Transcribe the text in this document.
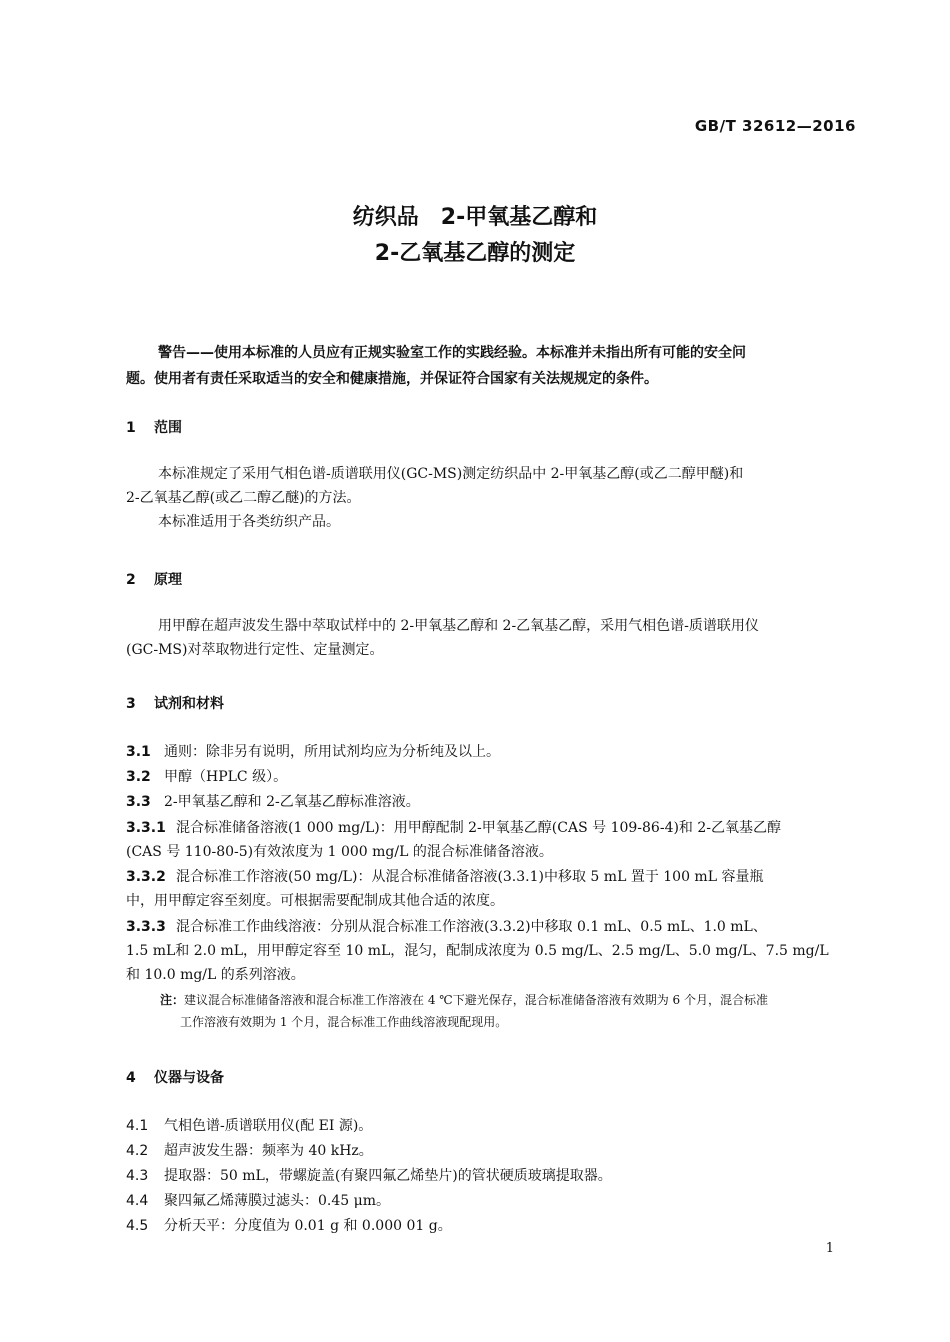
GB/T 32612—2016
纺织品　2-甲氧基乙醇和
2-乙氧基乙醇的测定
警告——使用本标准的人员应有正规实验室工作的实践经验。本标准并未指出所有可能的安全问
题。使用者有责任采取适当的安全和健康措施，并保证符合国家有关法规规定的条件。
1 范围
本标准规定了采用气相色谱-质谱联用仪(GC-MS)测定纺织品中 2-甲氧基乙醇(或乙二醇甲醚)和
2-乙氧基乙醇(或乙二醇乙醚)的方法。
本标准适用于各类纺织产品。
2 原理
用甲醇在超声波发生器中萃取试样中的 2-甲氧基乙醇和 2-乙氧基乙醇，采用气相色谱-质谱联用仪
(GC-MS)对萃取物进行定性、定量测定。
3 试剂和材料
3.1 通则：除非另有说明，所用试剂均应为分析纯及以上。
3.2 甲醇（HPLC 级）。
3.3 2-甲氧基乙醇和 2-乙氧基乙醇标准溶液。
3.3.1 混合标准储备溶液(1 000 mg/L)：用甲醇配制 2-甲氧基乙醇(CAS 号 109-86-4)和 2-乙氧基乙醇
(CAS 号 110-80-5)有效浓度为 1 000 mg/L 的混合标准储备溶液。
3.3.2 混合标准工作溶液(50 mg/L)：从混合标准储备溶液(3.3.1)中移取 5 mL 置于 100 mL 容量瓶
中，用甲醇定容至刻度。可根据需要配制成其他合适的浓度。
3.3.3 混合标准工作曲线溶液：分别从混合标准工作溶液(3.3.2)中移取 0.1 mL、0.5 mL、1.0 mL、
1.5 mL和 2.0 mL，用甲醇定容至 10 mL，混匀，配制成浓度为 0.5 mg/L、2.5 mg/L、5.0 mg/L、7.5 mg/L
和 10.0 mg/L 的系列溶液。
注：建议混合标准储备溶液和混合标准工作溶液在 4 ℃下避光保存，混合标准储备溶液有效期为 6 个月，混合标准
工作溶液有效期为 1 个月，混合标准工作曲线溶液现配现用。
4 仪器与设备
4.1 气相色谱-质谱联用仪(配 EI 源)。
4.2 超声波发生器：频率为 40 kHz。
4.3 提取器：50 mL，带螺旋盖(有聚四氟乙烯垫片)的管状硬质玻璃提取器。
4.4 聚四氟乙烯薄膜过滤头：0.45 μm。
4.5 分析天平：分度值为 0.01 g 和 0.000 01 g。
1
